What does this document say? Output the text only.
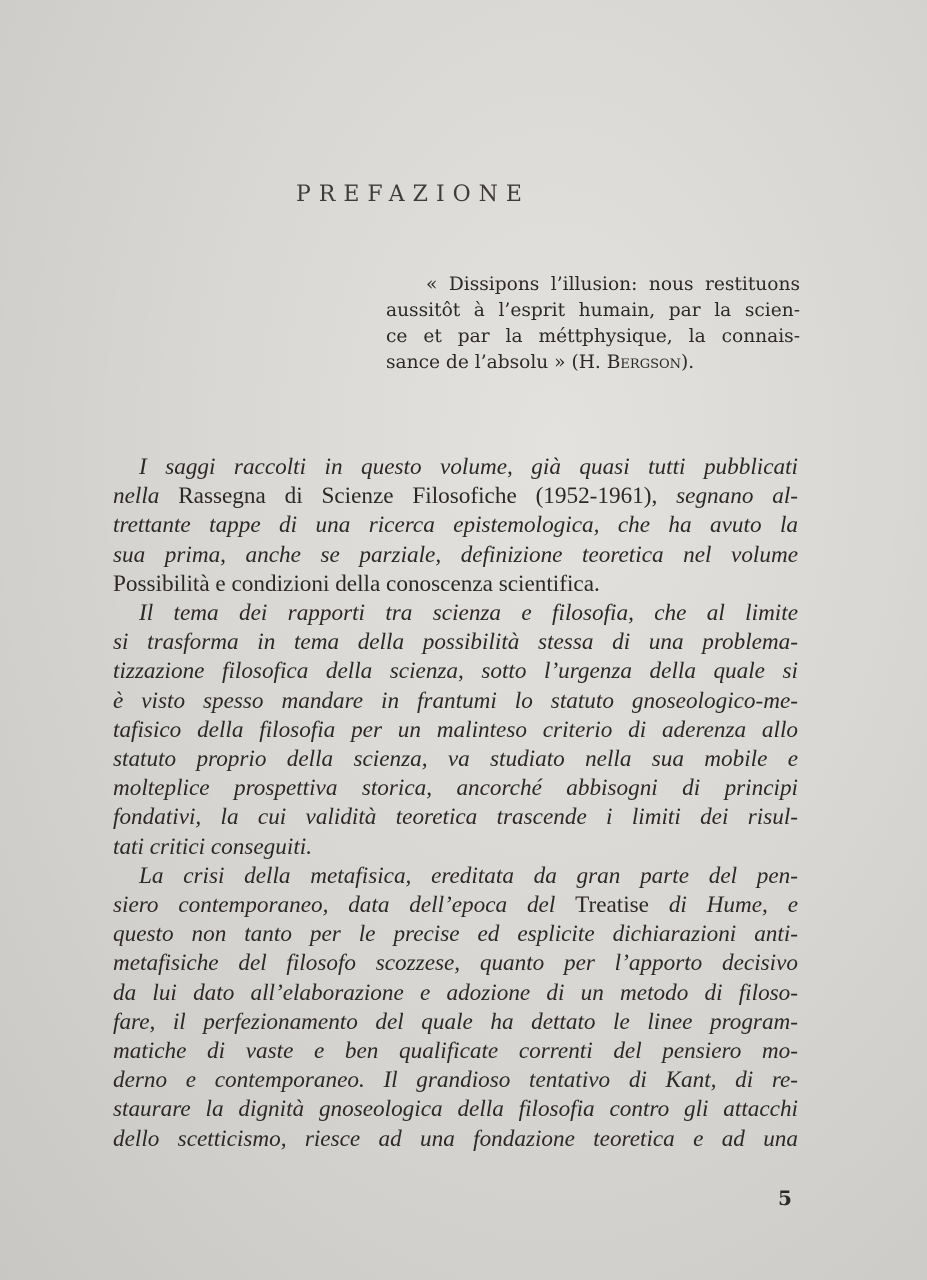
PREFAZIONE
« Dissipons l’illusion: nous restituons
aussitôt à l’esprit humain, par la scien-
ce et par la méttphysique, la connais-
sance de l’absolu » (H. Bergson).
I saggi raccolti in questo volume, già quasi tutti pubblicati
nella Rassegna di Scienze Filosofiche (1952-1961), segnano al-
trettante tappe di una ricerca epistemologica, che ha avuto la
sua prima, anche se parziale, definizione teoretica nel volume
Possibilità e condizioni della conoscenza scientifica.
Il tema dei rapporti tra scienza e filosofia, che al limite
si trasforma in tema della possibilità stessa di una problema-
tizzazione filosofica della scienza, sotto l’urgenza della quale si
è visto spesso mandare in frantumi lo statuto gnoseologico-me-
tafisico della filosofia per un malinteso criterio di aderenza allo
statuto proprio della scienza, va studiato nella sua mobile e
molteplice prospettiva storica, ancorché abbisogni di principi
fondativi, la cui validità teoretica trascende i limiti dei risul-
tati critici conseguiti.
La crisi della metafisica, ereditata da gran parte del pen-
siero contemporaneo, data dell’epoca del Treatise di Hume, e
questo non tanto per le precise ed esplicite dichiarazioni anti-
metafisiche del filosofo scozzese, quanto per l’apporto decisivo
da lui dato all’elaborazione e adozione di un metodo di filoso-
fare, il perfezionamento del quale ha dettato le linee program-
matiche di vaste e ben qualificate correnti del pensiero mo-
derno e contemporaneo. Il grandioso tentativo di Kant, di re-
staurare la dignità gnoseologica della filosofia contro gli attacchi
dello scetticismo, riesce ad una fondazione teoretica e ad una
5
